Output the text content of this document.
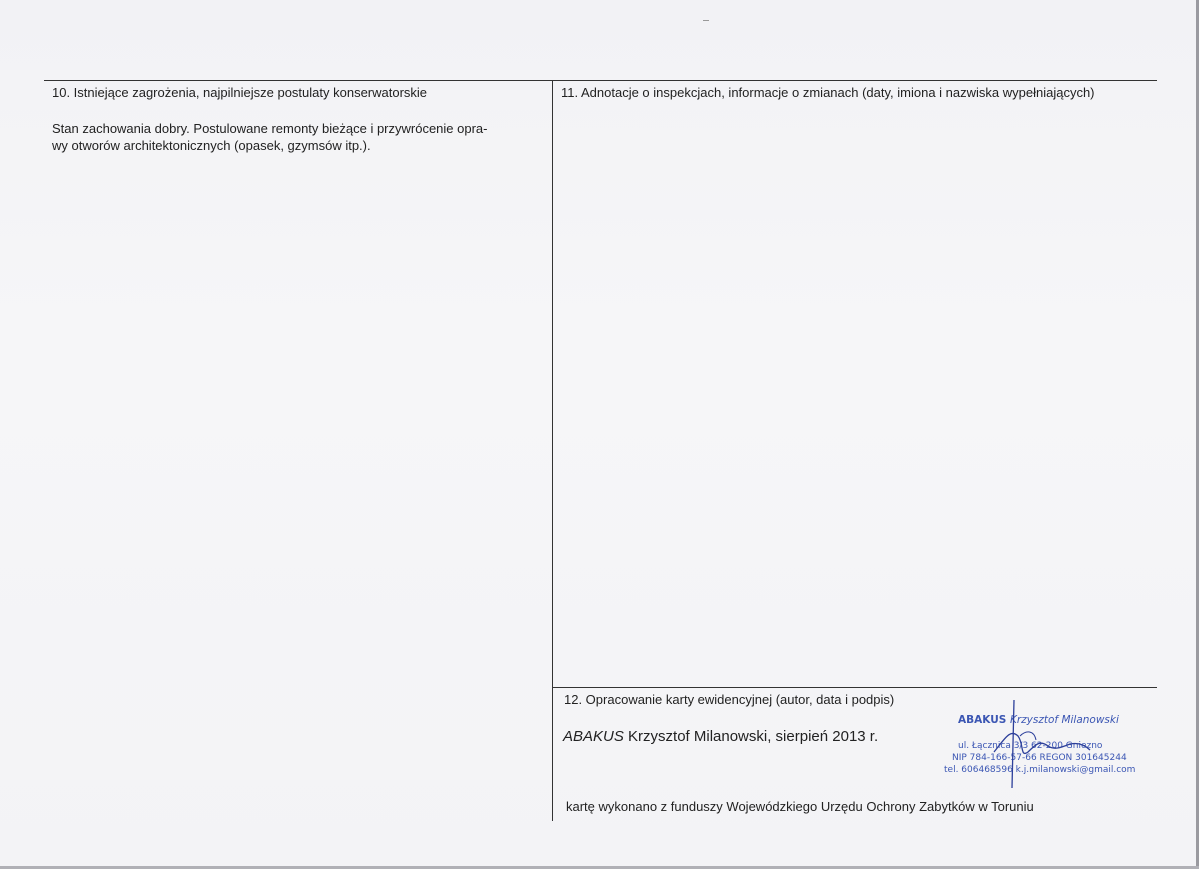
10. Istniejące zagrożenia, najpilniejsze postulaty konserwatorskie
Stan zachowania dobry. Postulowane remonty bieżące i przywrócenie opra-
wy otworów architektonicznych (opasek, gzymsów itp.).
11. Adnotacje o inspekcjach, informacje o zmianach (daty, imiona i nazwiska wypełniających)
12. Opracowanie karty ewidencyjnej (autor, data i podpis)
ABAKUS Krzysztof Milanowski, sierpień 2013 r.
ABAKUS Krzysztof Milanowski
ul. Łącznica 3/3 62-200 Gniezno
NIP 784-166-57-66 REGON 301645244
tel. 606468596 k.j.milanowski@gmail.com
kartę wykonano z funduszy Wojewódzkiego Urzędu Ochrony Zabytków w Toruniu
